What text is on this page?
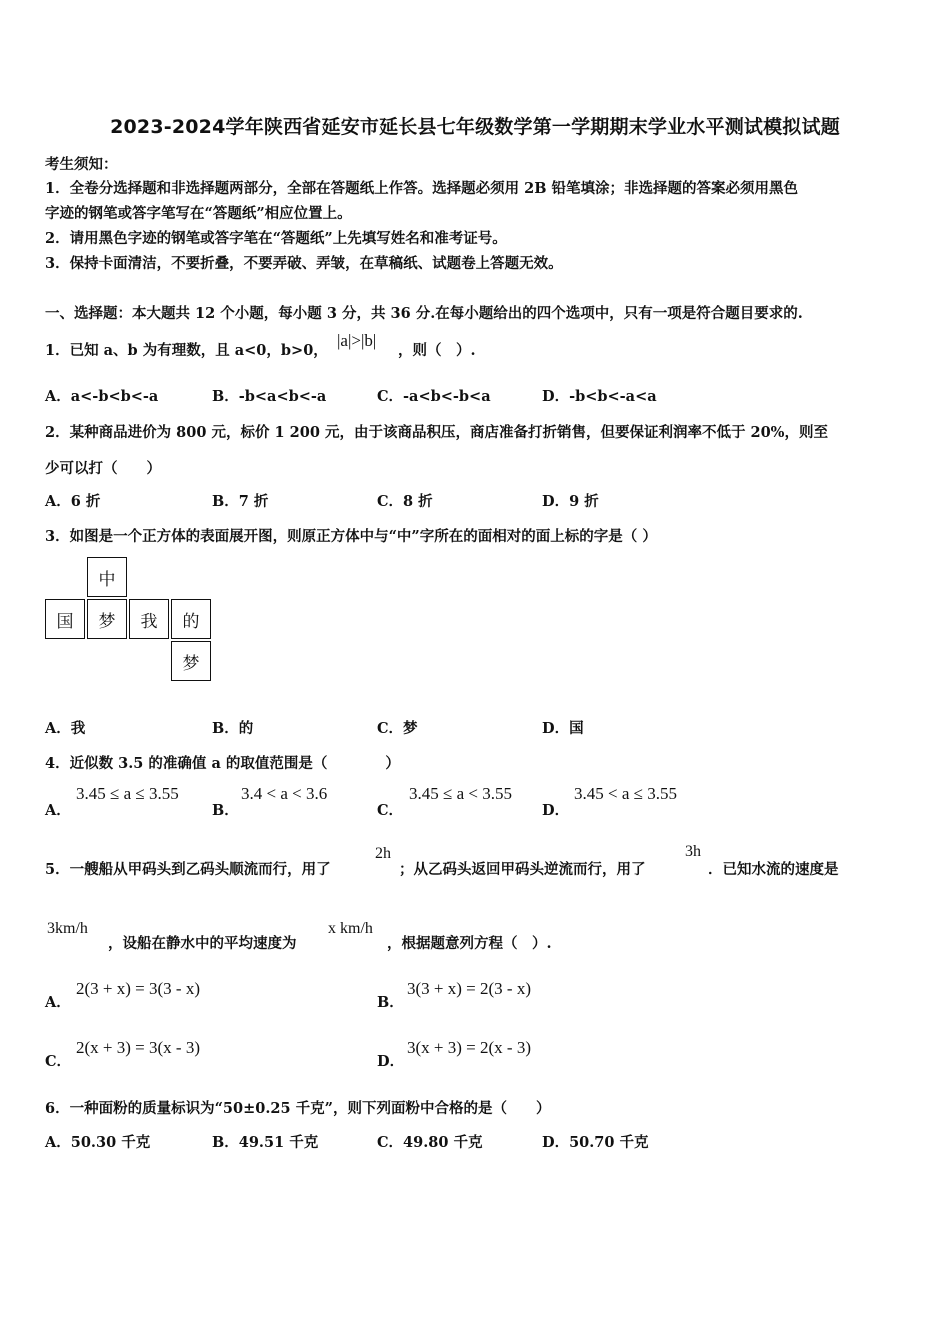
2023-2024学年陕西省延安市延长县七年级数学第一学期期末学业水平测试模拟试题
考生须知：
1．全卷分选择题和非选择题两部分，全部在答题纸上作答。选择题必须用 2B 铅笔填涂；非选择题的答案必须用黑色
字迹的钢笔或答字笔写在“答题纸”相应位置上。
2．请用黑色字迹的钢笔或答字笔在“答题纸”上先填写姓名和准考证号。
3．保持卡面清洁，不要折叠，不要弄破、弄皱，在草稿纸、试题卷上答题无效。
一、选择题：本大题共 12 个小题，每小题 3 分，共 36 分.在每小题给出的四个选项中，只有一项是符合题目要求的.
1．已知 a、b 为有理数，且 a<0，b>0，
|a|>|b|
，则（　）.
A．a<-b<b<-a	B．-b<a<b<-a	C．-a<b<-b<a	D．-b<b<-a<a
2．某种商品进价为 800 元，标价 1 200 元，由于该商品积压，商店准备打折销售，但要保证利润率不低于 20%，则至
少可以打（　　）
A．6 折	B．7 折	C．8 折	D．9 折
3．如图是一个正方体的表面展开图，则原正方体中与“中”字所在的面相对的面上标的字是（ ）
中
国	梦	我	的
梦
A．我	B．的	C．梦	D．国
4．近似数 3.5 的准确值 a 的取值范围是（　　　　）
A．
3.45 ≤ a ≤ 3.55
B．
3.4 < a < 3.6
C．
3.45 ≤ a < 3.55
D．
3.45 < a ≤ 3.55
5．一艘船从甲码头到乙码头顺流而行，用了
2h
；从乙码头返回甲码头逆流而行，用了
3h
．已知水流的速度是
3km/h
，设船在静水中的平均速度为
x km/h
，根据题意列方程（　）.
A．
2(3 + x) = 3(3 - x)
B．
3(3 + x) = 2(3 - x)
C．
2(x + 3) = 3(x - 3)
D．
3(x + 3) = 2(x - 3)
6．一种面粉的质量标识为“50±0.25 千克”，则下列面粉中合格的是（　　）
A．50.30 千克	B．49.51 千克	C．49.80 千克	D．50.70 千克
